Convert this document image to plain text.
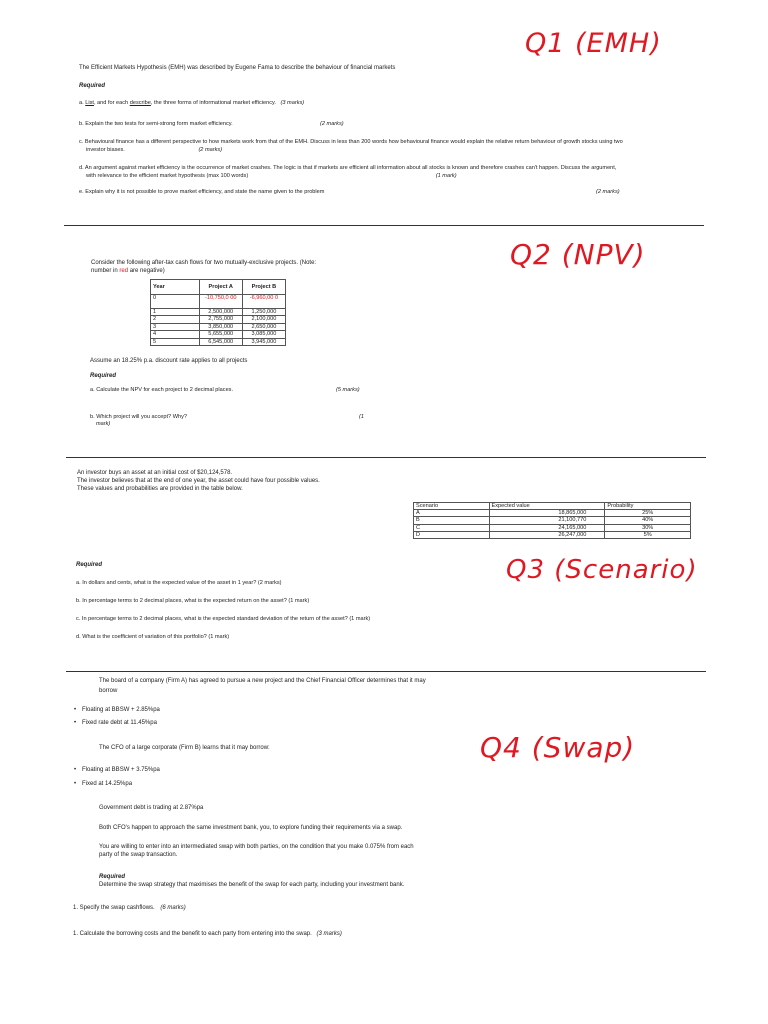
Q1 (EMH)
The Efficient Markets Hypothesis (EMH) was described by Eugene Fama to describe the behaviour of financial markets
Required
a. List, and for each describe, the three forms of informational market efficiency. (3 marks)
b. Explain the two tests for semi-strong form market efficiency.	(2 marks)
c. Behavioural finance has a different perspective to how markets work from that of the EMH. Discuss in less than 200 words how behavioural finance would explain the relative return behaviour of growth stocks using two
investor biases.	(2 marks)
d. An argument against market efficiency is the occurrence of market crashes. The logic is that if markets are efficient all information about all stocks is known and therefore crashes can't happen. Discuss the argument,
with relevance to the efficient market hypothesis (max 100 words)	(1 mark)
e. Explain why it is not possible to prove market efficiency, and state the name given to the problem	(2 marks)
Q2 (NPV)
Consider the following after-tax cash flows for two mutually-exclusive projects. (Note:
number in red are negative)
Year	Project A	Project B
0	-10,750,0 00	-6,960,00 0
1	2,500,000	1,250,000
2	2,755,000	2,100,000
3	3,850,000	2,650,000
4	5,655,000	3,085,000
5	6,545,000	3,945,000
Assume an 18.25% p.a. discount rate applies to all projects
Required
a. Calculate the NPV for each project to 2 decimal places.	(5 marks)
b. Which project will you accept? Why?	(1
mark)
An investor buys an asset at an initial cost of $20,124,578.
The investor believes that at the end of one year, the asset could have four possible values.
These values and probabilities are provided in the table below.
Scenario	Expected value	Probability
A	18,865,000	25%
B	21,100,770	40%
C	24,165,000	30%
D	26,247,000	5%
Q3 (Scenario)
Required
a. In dollars and cents, what is the expected value of the asset in 1 year? (2 marks)
b. In percentage terms to 2 decimal places, what is the expected return on the asset? (1 mark)
c. In percentage terms to 2 decimal places, what is the expected standard deviation of the return of the asset? (1 mark)
d. What is the coefficient of variation of this portfolio? (1 mark)
The board of a company (Firm A) has agreed to pursue a new project and the Chief Financial Officer determines that it may
borrow
• Floating at BBSW + 2.85%pa
• Fixed rate debt at 11.45%pa
The CFO of a large corporate (Firm B) learns that it may borrow:	Q4 (Swap)
• Floating at BBSW + 3.75%pa
• Fixed at 14.25%pa
Government debt is trading at 2.87%pa
Both CFO's happen to approach the same investment bank, you, to explore funding their requirements via a swap.
You are willing to enter into an intermediated swap with both parties, on the condition that you make 0.075% from each
party of the swap transaction.
Required
Determine the swap strategy that maximises the benefit of the swap for each party, including your investment bank.
1. Specify the swap cashflows. (6 marks)
1. Calculate the borrowing costs and the benefit to each party from entering into the swap. (3 marks)
